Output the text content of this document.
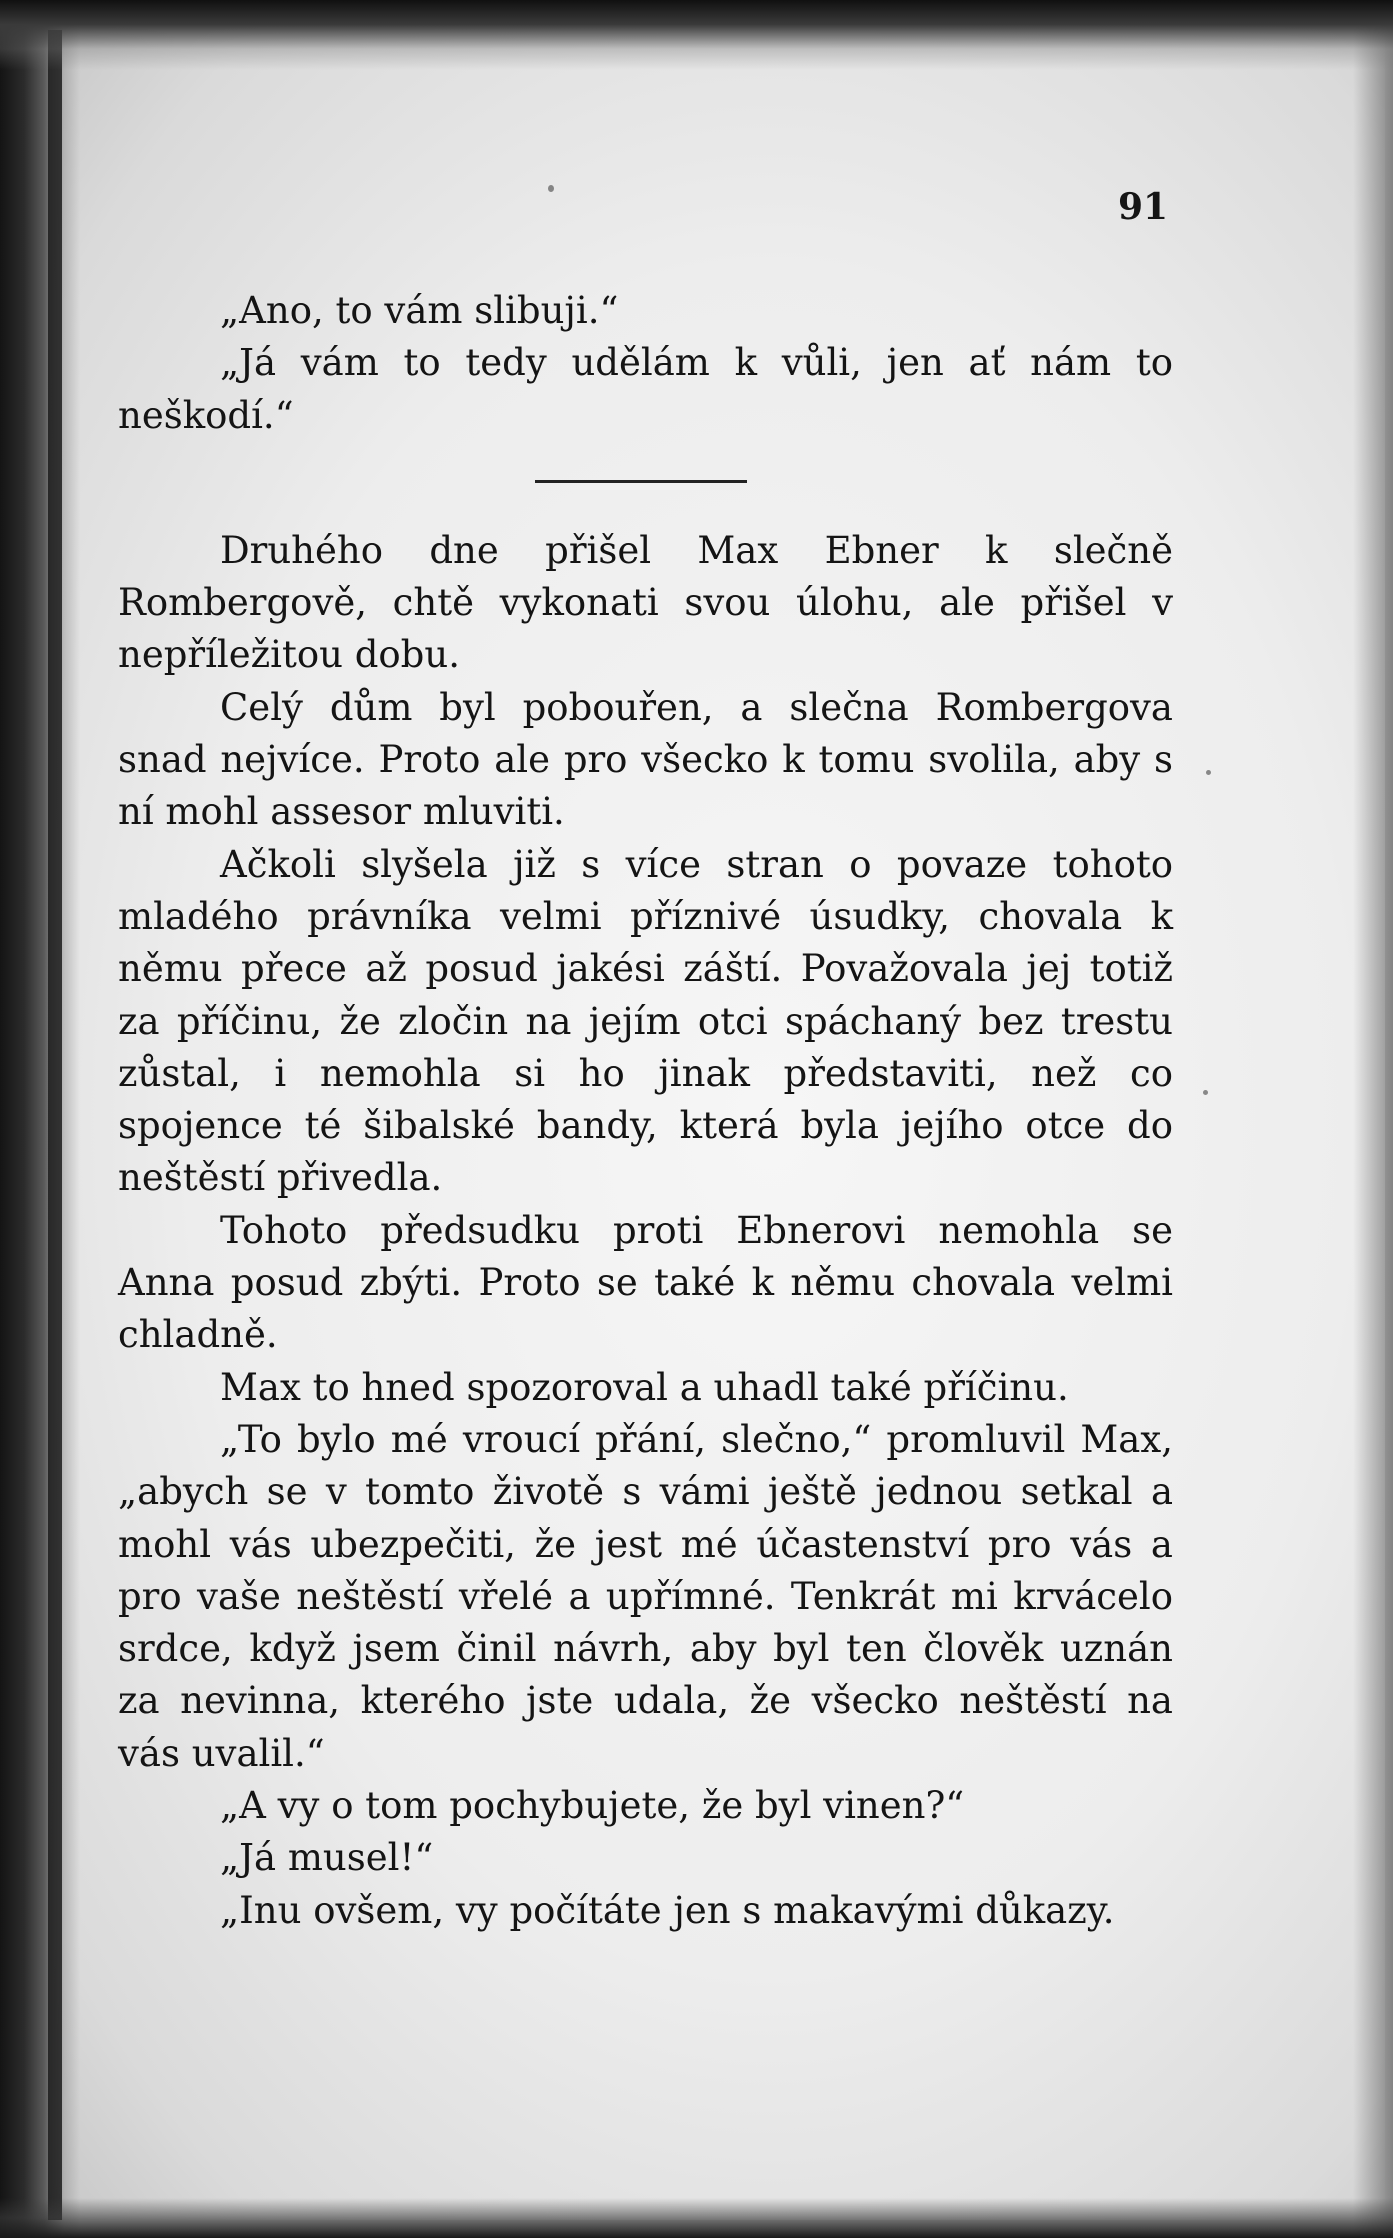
91

„Ano, to vám slibuji.“

„Já vám to tedy udělám k vůli, jen ať nám to neškodí.“

Druhého dne přišel Max Ebner k slečně Rombergově, chtě vykonati svou úlohu, ale přišel v nepříležitou dobu.

Celý dům byl pobouřen, a slečna Rombergova snad nejvíce. Proto ale pro všecko k tomu svolila, aby s ní mohl assesor mluviti.

Ačkoli slyšela již s více stran o povaze tohoto mladého právníka velmi příznivé úsudky, chovala k němu přece až posud jakési záští. Považovala jej totiž za příčinu, že zločin na jejím otci spáchaný bez trestu zůstal, i nemohla si ho jinak představiti, než co spojence té šibalské bandy, která byla jejího otce do neštěstí přivedla.

Tohoto předsudku proti Ebnerovi nemohla se Anna posud zbýti. Proto se také k němu chovala velmi chladně.

Max to hned spozoroval a uhadl také příčinu.

„To bylo mé vroucí přání, slečno,“ promluvil Max, „abych se v tomto životě s vámi ještě jednou setkal a mohl vás ubezpečiti, že jest mé účastenství pro vás a pro vaše neštěstí vřelé a upřímné. Tenkrát mi krvácelo srdce, když jsem činil návrh, aby byl ten člověk uznán za nevinna, kterého jste udala, že všecko neštěstí na vás uvalil.“

„A vy o tom pochybujete, že byl vinen?“

„Já musel!“

„Inu ovšem, vy počítáte jen s makavými důkazy.
